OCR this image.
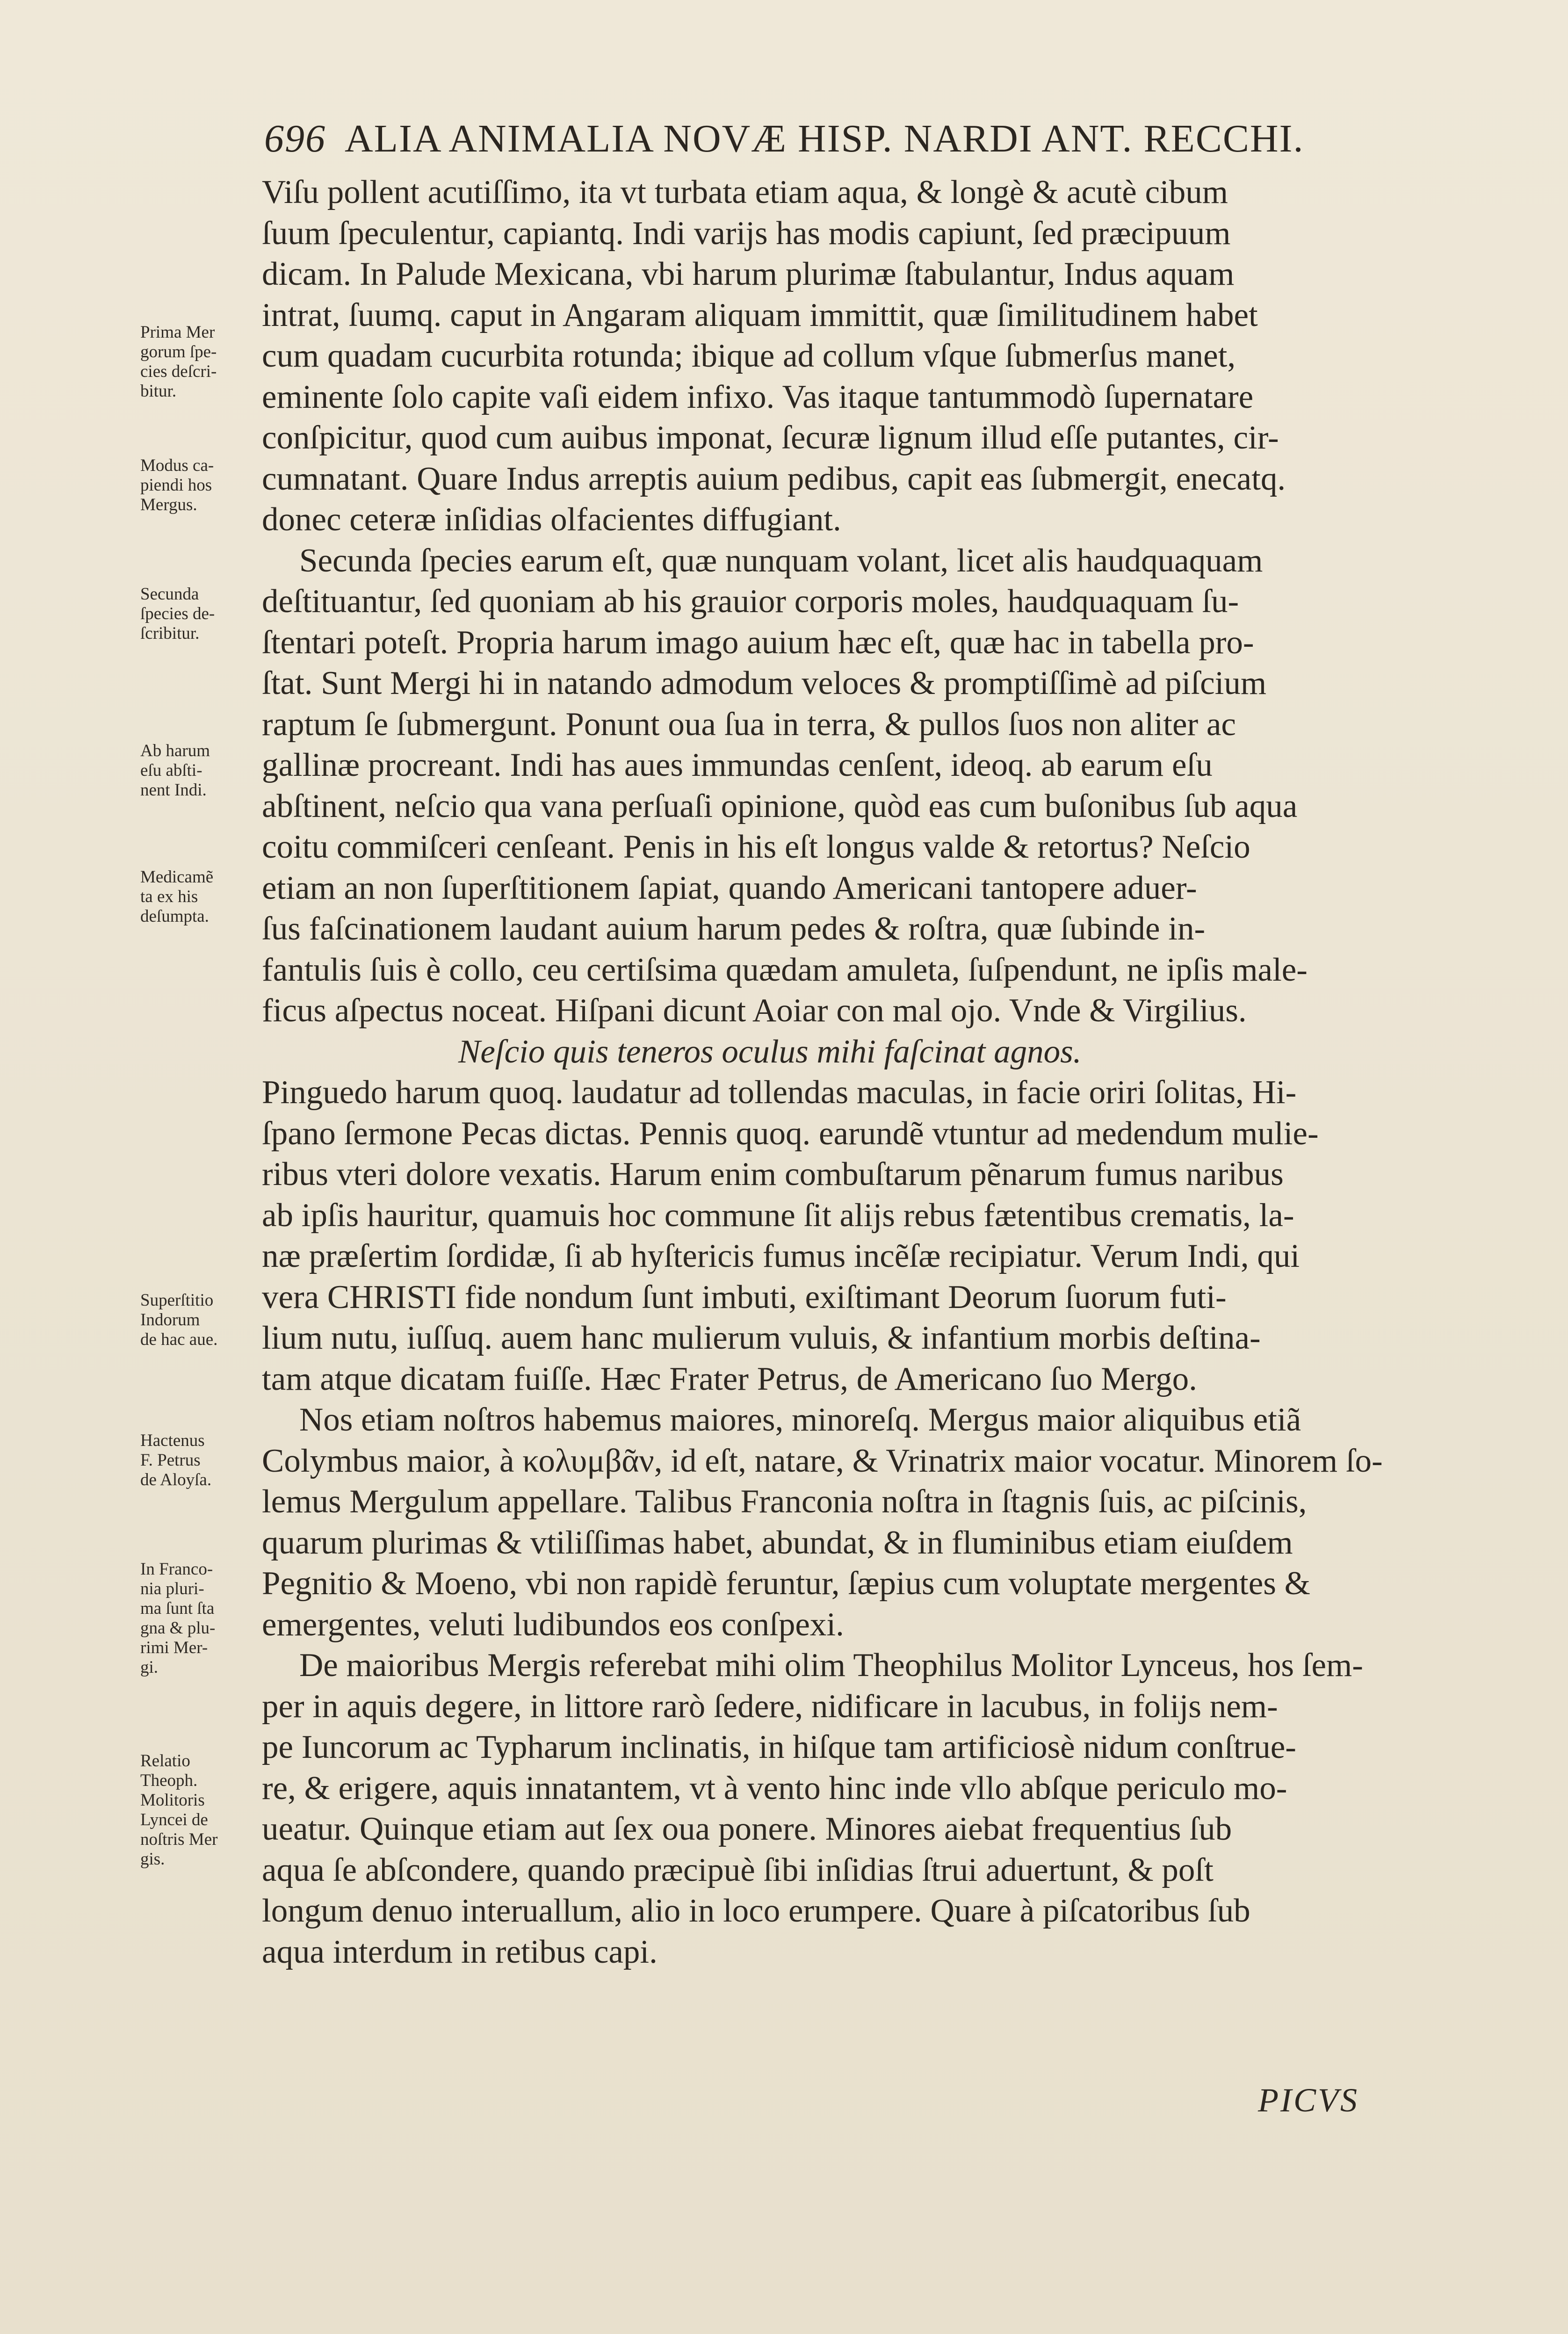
696 ALIA ANIMALIA NOVÆ HISP. NARDI ANT. RECCHI.
Viſu pollent acutiſſimo, ita vt turbata etiam aqua, & longè & acutè cibum
ſuum ſpeculentur, capiantq. Indi varijs has modis capiunt, ſed præcipuum
dicam. In Palude Mexicana, vbi harum plurimæ ſtabulantur, Indus aquam
intrat, ſuumq. caput in Angaram aliquam immittit, quæ ſimilitudinem habet
cum quadam cucurbita rotunda; ibique ad collum vſque ſubmerſus manet,
eminente ſolo capite vaſi eidem infixo. Vas itaque tantummodò ſupernatare
conſpicitur, quod cum auibus imponat, ſecuræ lignum illud eſſe putantes, cir-
cumnatant. Quare Indus arreptis auium pedibus, capit eas ſubmergit, enecatq.
donec ceteræ inſidias olfacientes diffugiant.
Secunda ſpecies earum eſt, quæ nunquam volant, licet alis haudquaquam
deſtituantur, ſed quoniam ab his grauior corporis moles, haudquaquam ſu-
ſtentari poteſt. Propria harum imago auium hæc eſt, quæ hac in tabella pro-
ſtat. Sunt Mergi hi in natando admodum veloces & promptiſſimè ad piſcium
raptum ſe ſubmergunt. Ponunt oua ſua in terra, & pullos ſuos non aliter ac
gallinæ procreant. Indi has aues immundas cenſent, ideoq. ab earum eſu
abſtinent, neſcio qua vana perſuaſi opinione, quòd eas cum buſonibus ſub aqua
coitu commiſceri cenſeant. Penis in his eſt longus valde & retortus? Neſcio
etiam an non ſuperſtitionem ſapiat, quando Americani tantopere aduer-
ſus faſcinationem laudant auium harum pedes & roſtra, quæ ſubinde in-
fantulis ſuis è collo, ceu certiſsima quædam amuleta, ſuſpendunt, ne ipſis male-
ficus aſpectus noceat. Hiſpani dicunt Aoiar con mal ojo. Vnde & Virgilius.
Neſcio quis teneros oculus mihi faſcinat agnos.
Pinguedo harum quoq. laudatur ad tollendas maculas, in facie oriri ſolitas, Hi-
ſpano ſermone Pecas dictas. Pennis quoq. earundẽ vtuntur ad medendum mulie-
ribus vteri dolore vexatis. Harum enim combuſtarum pẽnarum fumus naribus
ab ipſis hauritur, quamuis hoc commune ſit alijs rebus fætentibus crematis, la-
næ præſertim ſordidæ, ſi ab hyſtericis fumus incẽſæ recipiatur. Verum Indi, qui
vera CHRISTI fide nondum ſunt imbuti, exiſtimant Deorum ſuorum futi-
lium nutu, iuſſuq. auem hanc mulierum vuluis, & infantium morbis deſtina-
tam atque dicatam fuiſſe. Hæc Frater Petrus, de Americano ſuo Mergo.
Nos etiam noſtros habemus maiores, minoreſq. Mergus maior aliquibus etiã
Colymbus maior, à κολυμβᾶν, id eſt, natare, & Vrinatrix maior vocatur. Minorem ſo-
lemus Mergulum appellare. Talibus Franconia noſtra in ſtagnis ſuis, ac piſcinis,
quarum plurimas & vtiliſſimas habet, abundat, & in fluminibus etiam eiuſdem
Pegnitio & Moeno, vbi non rapidè feruntur, ſæpius cum voluptate mergentes &
emergentes, veluti ludibundos eos conſpexi.
De maioribus Mergis referebat mihi olim Theophilus Molitor Lynceus, hos ſem-
per in aquis degere, in littore rarò ſedere, nidificare in lacubus, in folijs nem-
pe Iuncorum ac Typharum inclinatis, in hiſque tam artificiosè nidum conſtrue-
re, & erigere, aquis innatantem, vt à vento hinc inde vllo abſque periculo mo-
ueatur. Quinque etiam aut ſex oua ponere. Minores aiebat frequentius ſub
aqua ſe abſcondere, quando præcipuè ſibi inſidias ſtrui aduertunt, & poſt
longum denuo interuallum, alio in loco erumpere. Quare à piſcatoribus ſub
aqua interdum in retibus capi.
Prima Mer
gorum ſpe-
cies deſcri-
bitur.
Modus ca-
piendi hos
Mergus.
Secunda
ſpecies de-
ſcribitur.
Ab harum
eſu abſti-
nent Indi.
Medicamẽ
ta ex his
deſumpta.
Superſtitio
Indorum
de hac aue.
Hactenus
F. Petrus
de Aloyſa.
In Franco-
nia pluri-
ma ſunt ſta
gna & plu-
rimi Mer-
gi.
Relatio
Theoph.
Molitoris
Lyncei de
noſtris Mer
gis.
PICVS
